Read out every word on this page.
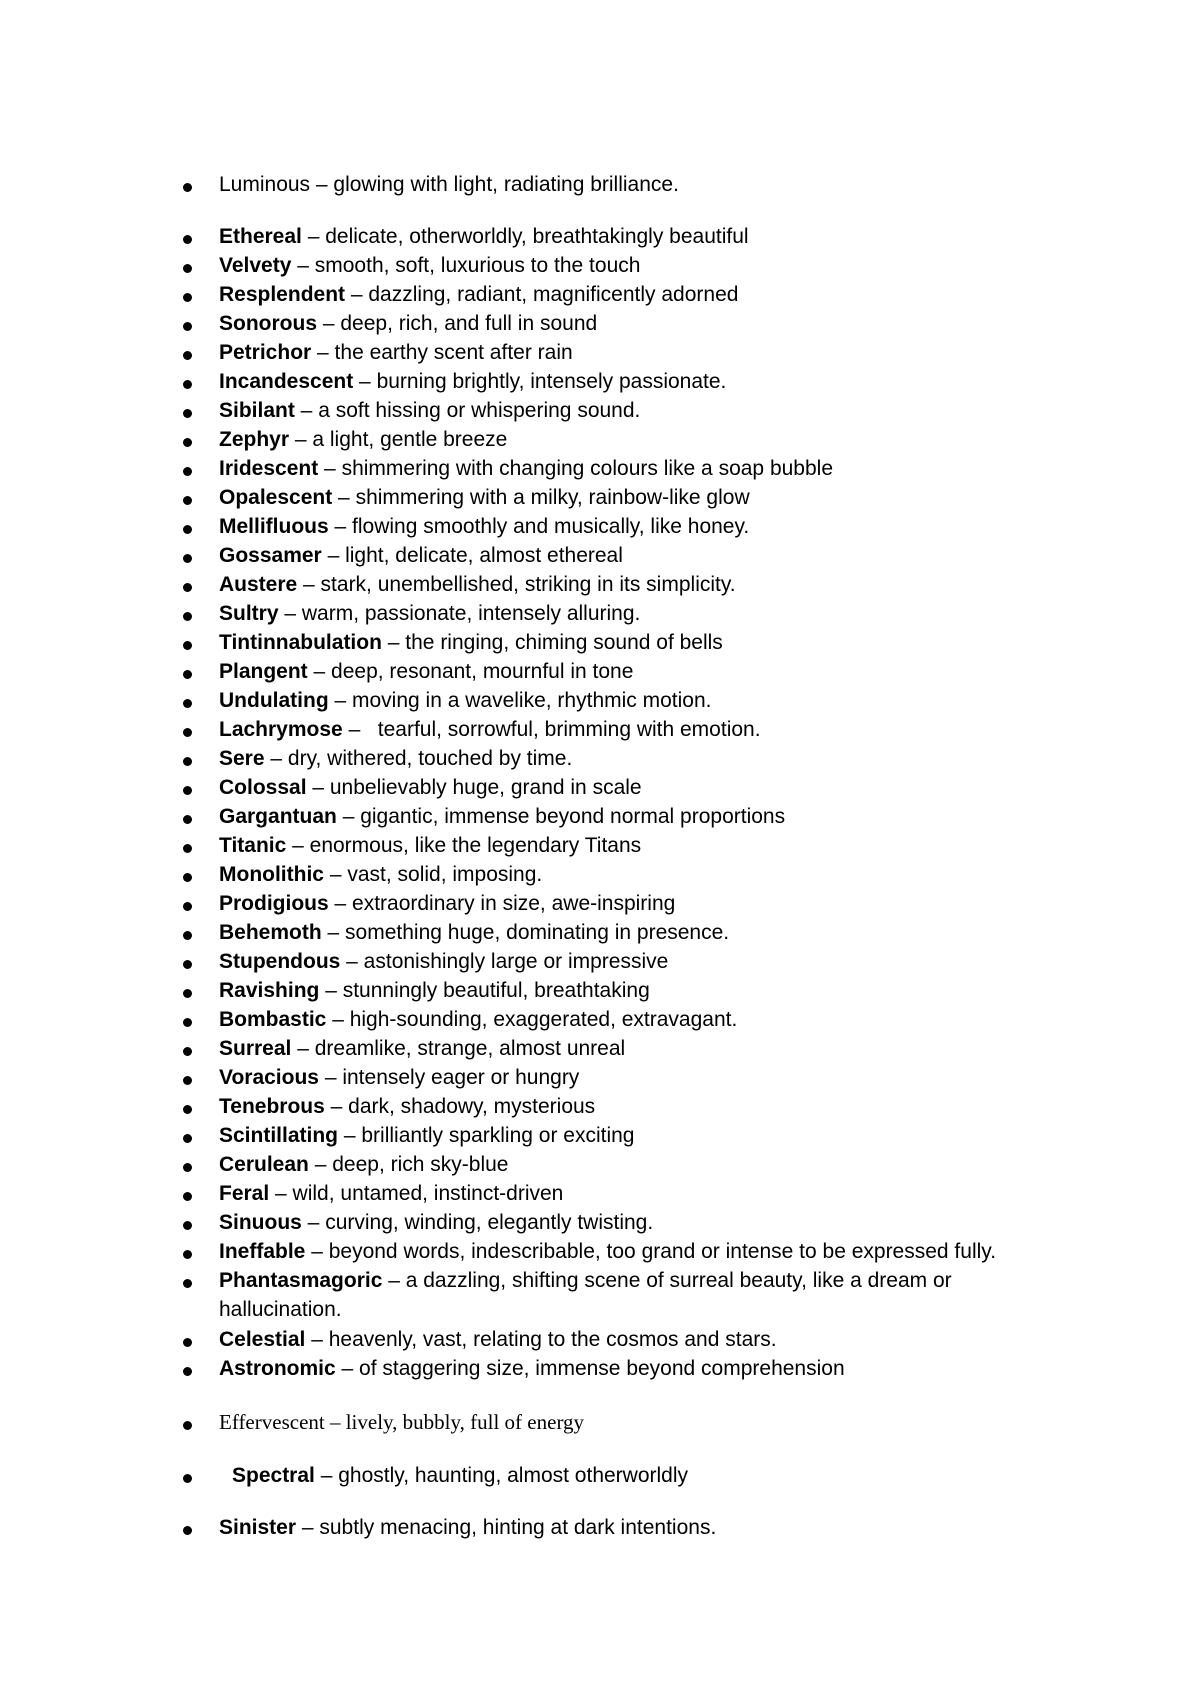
Luminous – glowing with light, radiating brilliance.
Ethereal – delicate, otherworldly, breathtakingly beautiful
Velvety – smooth, soft, luxurious to the touch
Resplendent – dazzling, radiant, magnificently adorned
Sonorous – deep, rich, and full in sound
Petrichor – the earthy scent after rain
Incandescent – burning brightly, intensely passionate.
Sibilant – a soft hissing or whispering sound.
Zephyr – a light, gentle breeze
Iridescent – shimmering with changing colours like a soap bubble
Opalescent – shimmering with a milky, rainbow-like glow
Mellifluous – flowing smoothly and musically, like honey.
Gossamer – light, delicate, almost ethereal
Austere – stark, unembellished, striking in its simplicity.
Sultry – warm, passionate, intensely alluring.
Tintinnabulation – the ringing, chiming sound of bells
Plangent – deep, resonant, mournful in tone
Undulating – moving in a wavelike, rhythmic motion.
Lachrymose –   tearful, sorrowful, brimming with emotion.
Sere – dry, withered, touched by time.
Colossal – unbelievably huge, grand in scale
Gargantuan – gigantic, immense beyond normal proportions
Titanic – enormous, like the legendary Titans
Monolithic – vast, solid, imposing.
Prodigious – extraordinary in size, awe-inspiring
Behemoth – something huge, dominating in presence.
Stupendous – astonishingly large or impressive
Ravishing – stunningly beautiful, breathtaking
Bombastic – high-sounding, exaggerated, extravagant.
Surreal – dreamlike, strange, almost unreal
Voracious – intensely eager or hungry
Tenebrous – dark, shadowy, mysterious
Scintillating – brilliantly sparkling or exciting
Cerulean – deep, rich sky-blue
Feral – wild, untamed, instinct-driven
Sinuous – curving, winding, elegantly twisting.
Ineffable – beyond words, indescribable, too grand or intense to be expressed fully.
Phantasmagoric – a dazzling, shifting scene of surreal beauty, like a dream or hallucination.
Celestial – heavenly, vast, relating to the cosmos and stars.
Astronomic – of staggering size, immense beyond comprehension
Effervescent – lively, bubbly, full of energy
Spectral – ghostly, haunting, almost otherworldly
Sinister – subtly menacing, hinting at dark intentions.
